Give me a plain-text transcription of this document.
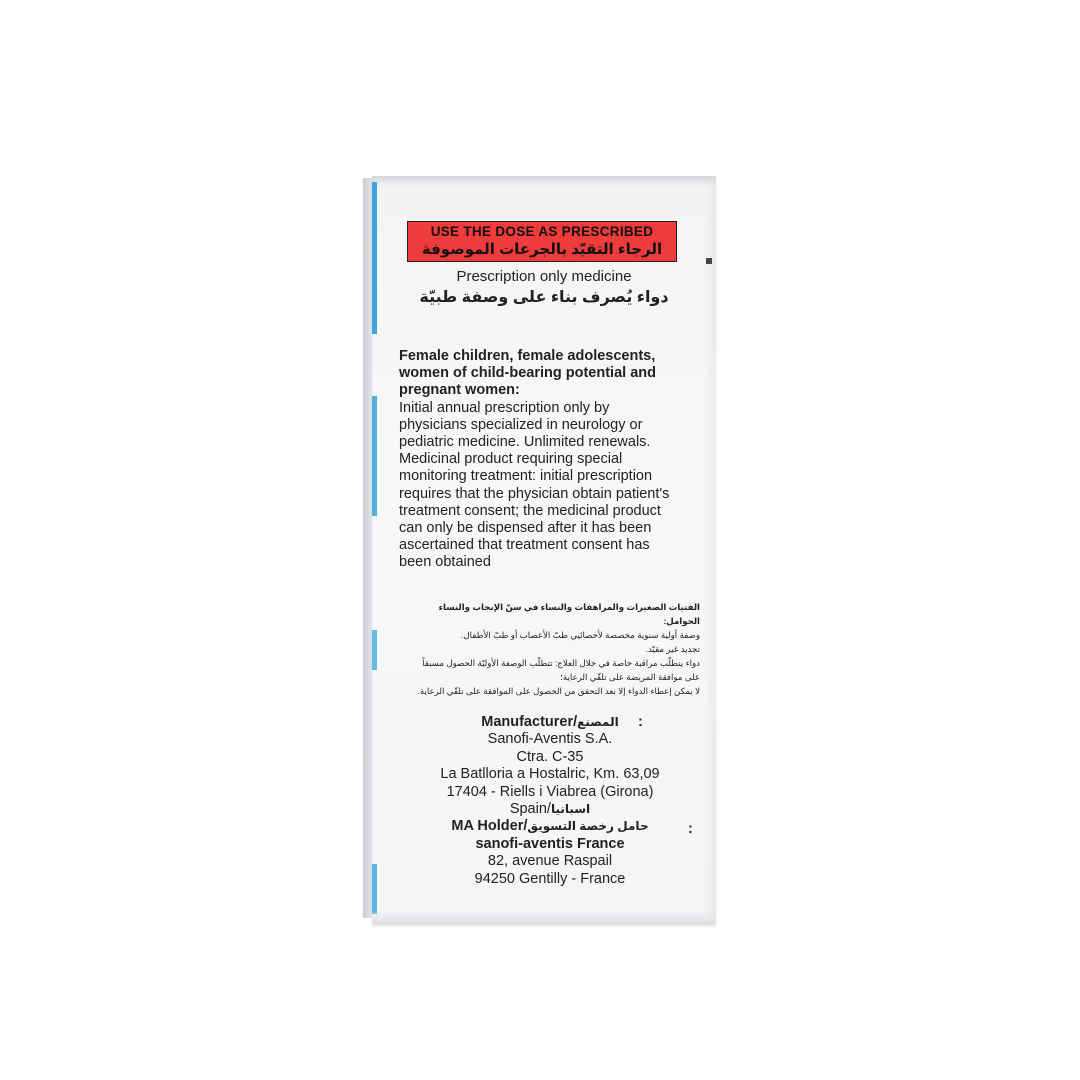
USE THE DOSE AS PRESCRIBED
الرجاء التقيّد بالجرعات الموصوفة
Prescription only medicine
دواء يُصرف بناء على وصفة طبيّة
Female children, female adolescents, women of child-bearing potential and pregnant women:
Initial annual prescription only by physicians specialized in neurology or pediatric medicine. Unlimited renewals. Medicinal product requiring special monitoring treatment: initial prescription requires that the physician obtain patient's treatment consent; the medicinal product can only be dispensed after it has been ascertained that treatment consent has been obtained
الفتيات الصغيرات والمراهقات والنساء في سنّ الإنجاب والنساء الحوامل:
وصفة أولية سنوية مخصصة لأخصائيي طبّ الأعصاب أو طبّ الأطفال.
تجديد غير مقيّد.
دواء يتطلّب مراقبة خاصة في خلال العلاج: تتطلّب الوصفة الأوليّة الحصول مسبقاً
على موافقة المريضة على تلقّي الرعاية؛
لا يمكن إعطاء الدواء إلا بعد التحقق من الحصول على الموافقة على تلقّي الرعاية.
Manufacturer/المصنع :
Sanofi-Aventis S.A.
Ctra. C-35
La Batlloria a Hostalric, Km. 63,09
17404 - Riells i Viabrea (Girona)
Spain/اسبانيا
MA Holder/حامل رخصة التسويق	:
sanofi-aventis France
82, avenue Raspail
94250 Gentilly - France
